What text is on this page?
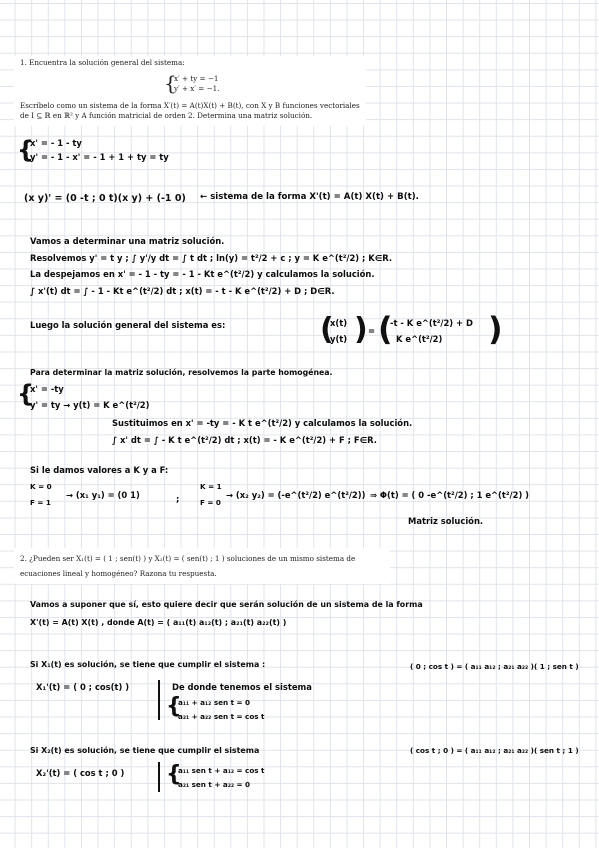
1. Encuentra la solución general del sistema:
x′ + ty = −1
y′ + x′ = −1.
{
Escríbelo como un sistema de la forma X′(t) = A(t)X(t) + B(t), con X y B funciones vectoriales
de I ⊆ ℝ en ℝ² y A función matricial de orden 2. Determina una matriz solución.
{
x' = - 1 - ty
y' = - 1 - x' = - 1 + 1 + ty = ty
(x y)' = (0 -t ; 0 t)(x y) + (-1 0) ← sistema de la forma X'(t) = A(t) X(t) + B(t).
Vamos a determinar una matriz solución.
Resolvemos y' = t y ; ∫ y'/y dt = ∫ t dt ; ln(y) = t²/2 + c ; y = K e^(t²/2) ; K∈R.
La despejamos en x' = - 1 - ty = - 1 - Kt e^(t²/2) y calculamos la solución.
∫ x'(t) dt = ∫ - 1 - Kt e^(t²/2) dt ; x(t) = - t - K e^(t²/2) + D ; D∈R.
Luego la solución general del sistema es:	(
x(t)
y(t) ) = (
-t - K e^(t²/2) + D
K e^(t²/2) )
Para determinar la matriz solución, resolvemos la parte homogénea.
{
x' = -ty
y' = ty → y(t) = K e^(t²/2)
Sustituimos en x' = -ty = - K t e^(t²/2) y calculamos la solución.
∫ x' dt = ∫ - K t e^(t²/2) dt ; x(t) = - K e^(t²/2) + F ; F∈R.
Si le damos valores a K y a F:
K = 0
F = 1
→ (x₁ y₁) = (0 1)	;
K = 1
F = 0
→ (x₂ y₂) = (-e^(t²/2) e^(t²/2)) ⇒ Φ(t) = ( 0 -e^(t²/2) ; 1 e^(t²/2) )
Matriz solución.
2. ¿Pueden ser X₁(t) = ( 1 ; sen(t) ) y X₂(t) = ( sen(t) ; 1 ) soluciones de un mismo sistema de
ecuaciones lineal y homogéneo? Razona tu respuesta.
Vamos a suponer que sí, esto quiere decir que serán solución de un sistema de la forma
X'(t) = A(t) X(t) , donde A(t) = ( a₁₁(t) a₁₂(t) ; a₂₁(t) a₂₂(t) )
Si X₁(t) es solución, se tiene que cumplir el sistema :	( 0 ; cos t ) = ( a₁₁ a₁₂ ; a₂₁ a₂₂ )( 1 ; sen t )
X₁'(t) = ( 0 ; cos(t) )	De donde tenemos el sistema
{
a₁₁ + a₁₂ sen t = 0
a₂₁ + a₂₂ sen t = cos t
Si X₂(t) es solución, se tiene que cumplir el sistema	( cos t ; 0 ) = ( a₁₁ a₁₂ ; a₂₁ a₂₂ )( sen t ; 1 )
X₂'(t) = ( cos t ; 0 ) {
a₁₁ sen t + a₁₂ = cos t
a₂₁ sen t + a₂₂ = 0
